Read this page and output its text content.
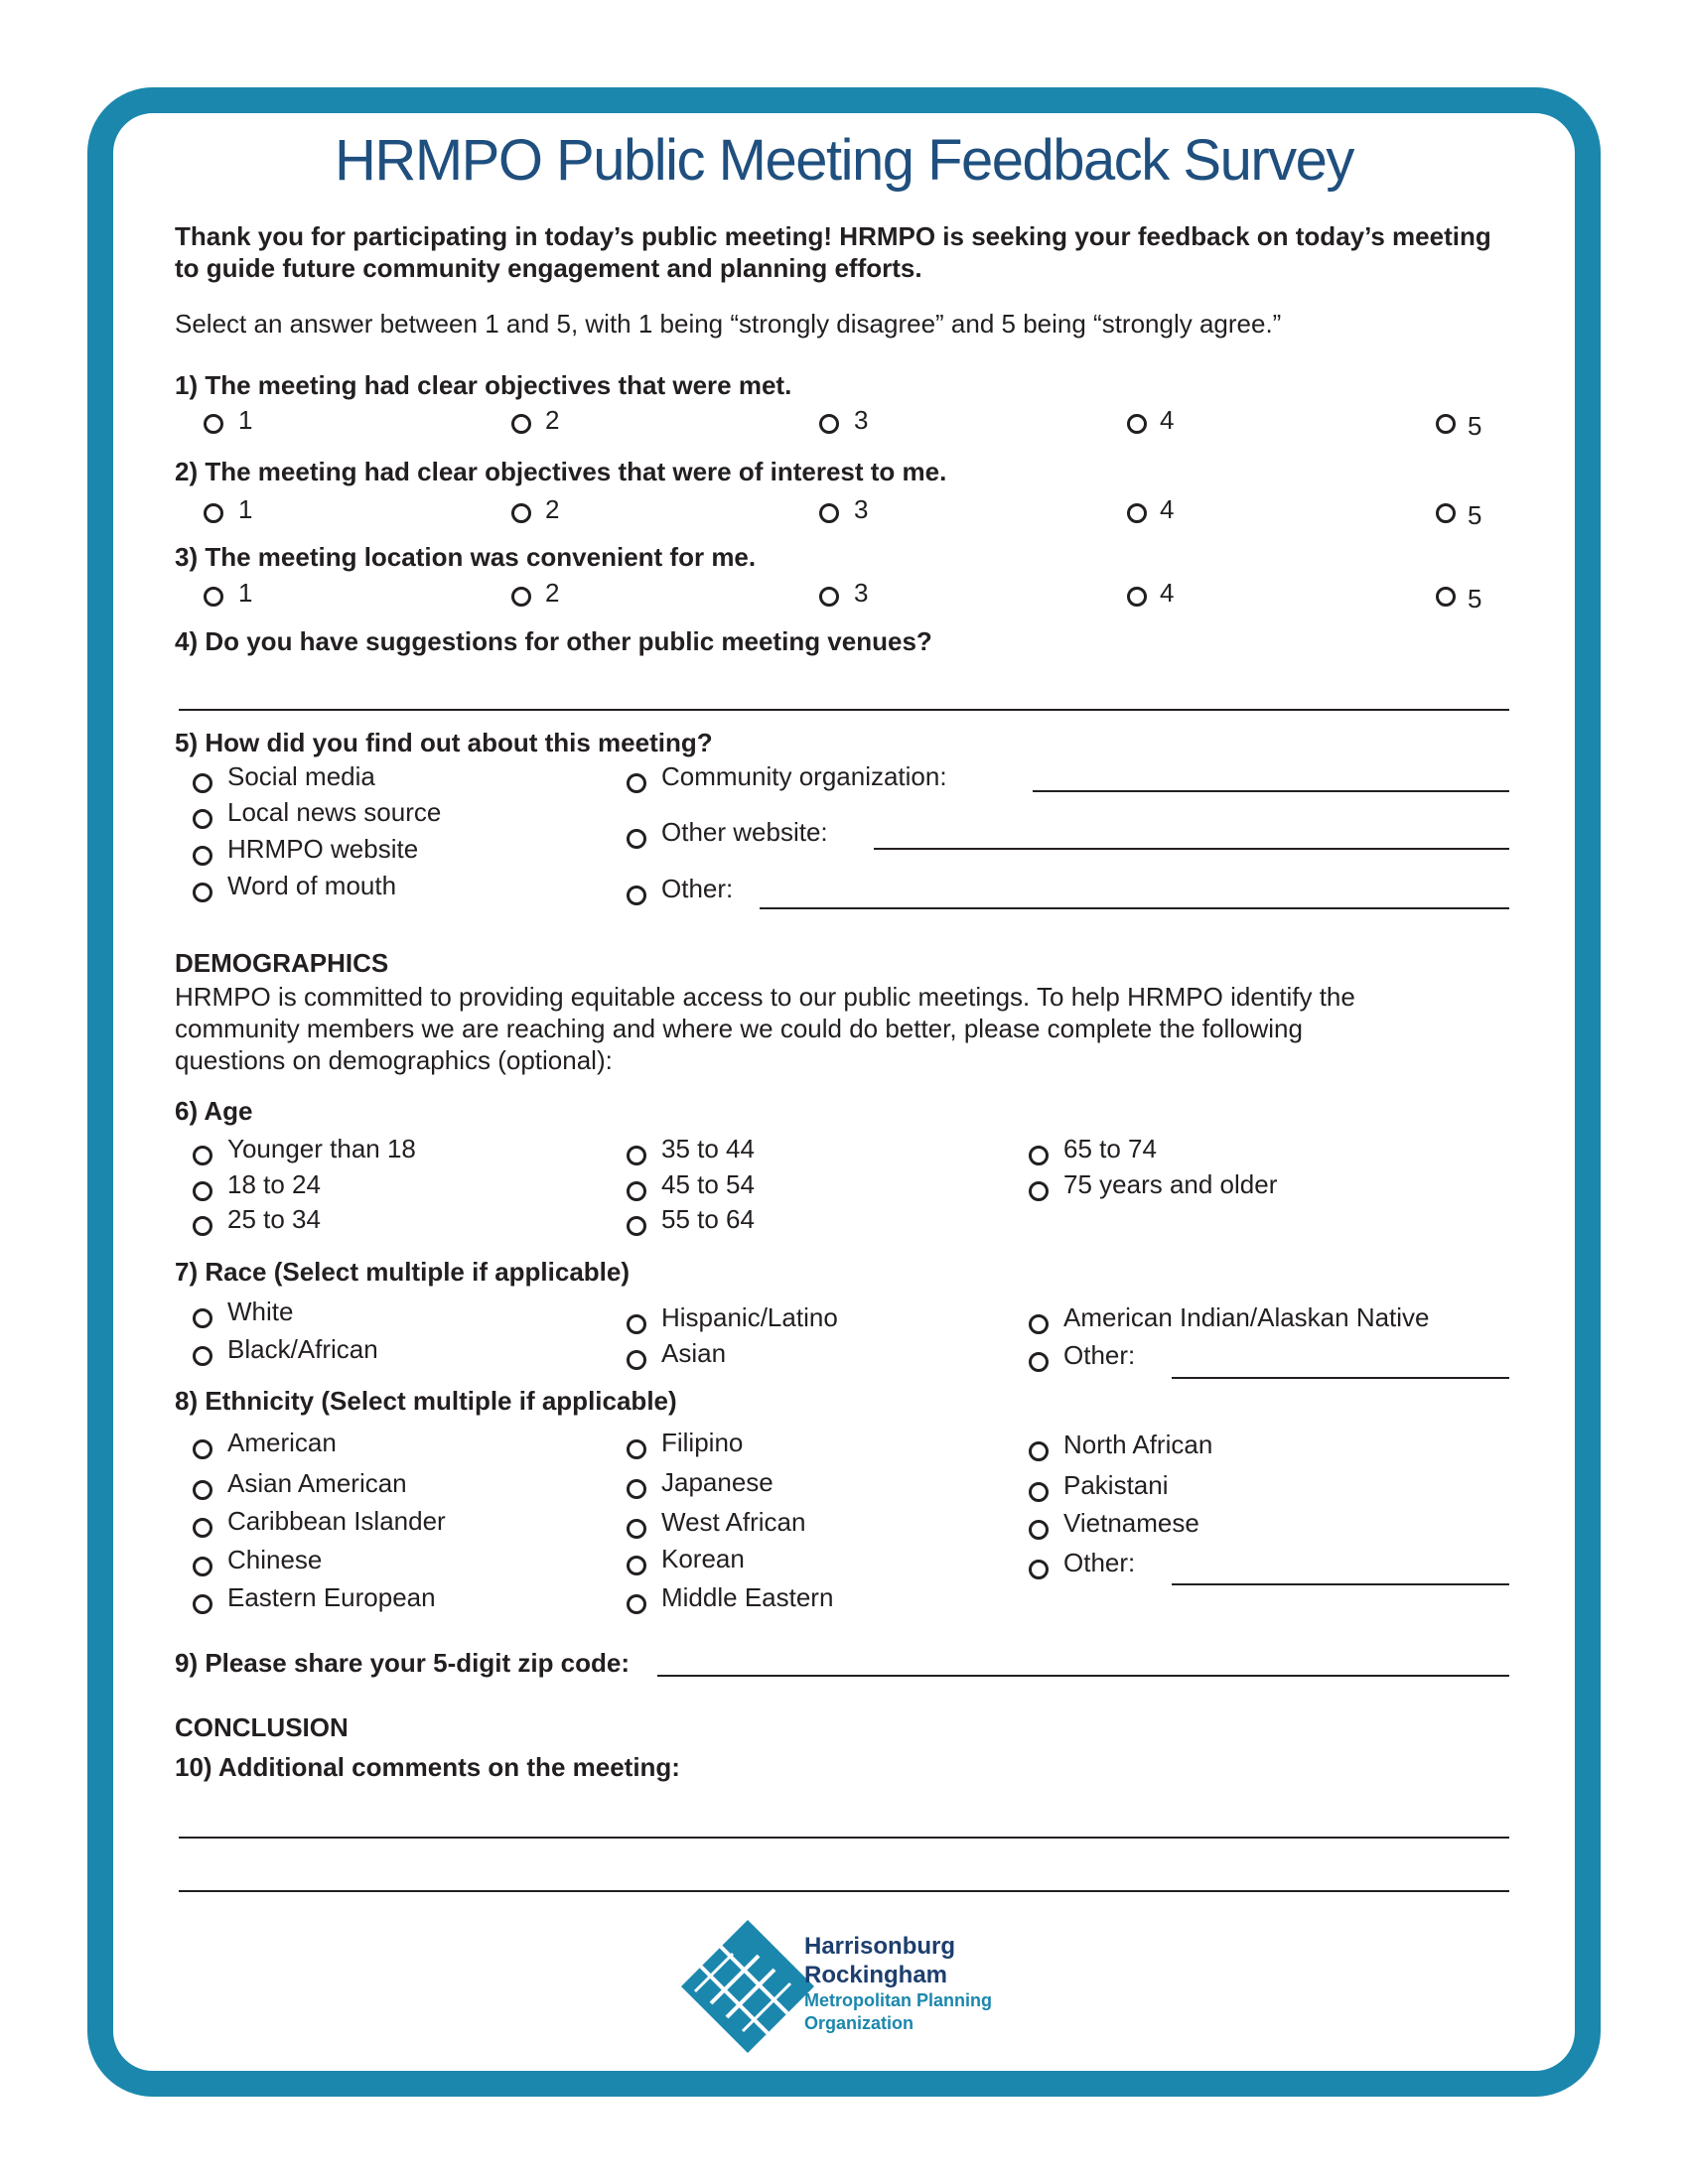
HRMPO Public Meeting Feedback Survey
Thank you for participating in today’s public meeting! HRMPO is seeking your feedback on today’s meeting
to guide future community engagement and planning efforts.
Select an answer between 1 and 5, with 1 being “strongly disagree” and 5 being “strongly agree.”
1) The meeting had clear objectives that were met.
1	2	3	4	5
2) The meeting had clear objectives that were of interest to me.
1	2	3	4	5
3) The meeting location was convenient for me.
1	2	3	4	5
4) Do you have suggestions for other public meeting venues?
5) How did you find out about this meeting?
Social media
Local news source
HRMPO website
Word of mouth
Community organization:
Other website:
Other:
DEMOGRAPHICS
HRMPO is committed to providing equitable access to our public meetings. To help HRMPO identify the
community members we are reaching and where we could do better, please complete the following
questions on demographics (optional):
6) Age
Younger than 18
18 to 24
25 to 34
35 to 44
45 to 54
55 to 64
65 to 74
75 years and older
7) Race (Select multiple if applicable)
White
Black/African
Hispanic/Latino
Asian
American Indian/Alaskan Native
Other:
8) Ethnicity (Select multiple if applicable)
American
Asian American
Caribbean Islander
Chinese
Eastern European
Filipino
Japanese
West African
Korean
Middle Eastern
North African
Pakistani
Vietnamese
Other:
9) Please share your 5-digit zip code:
CONCLUSION
10) Additional comments on the meeting:
Harrisonburg
Rockingham
Metropolitan Planning
Organization
